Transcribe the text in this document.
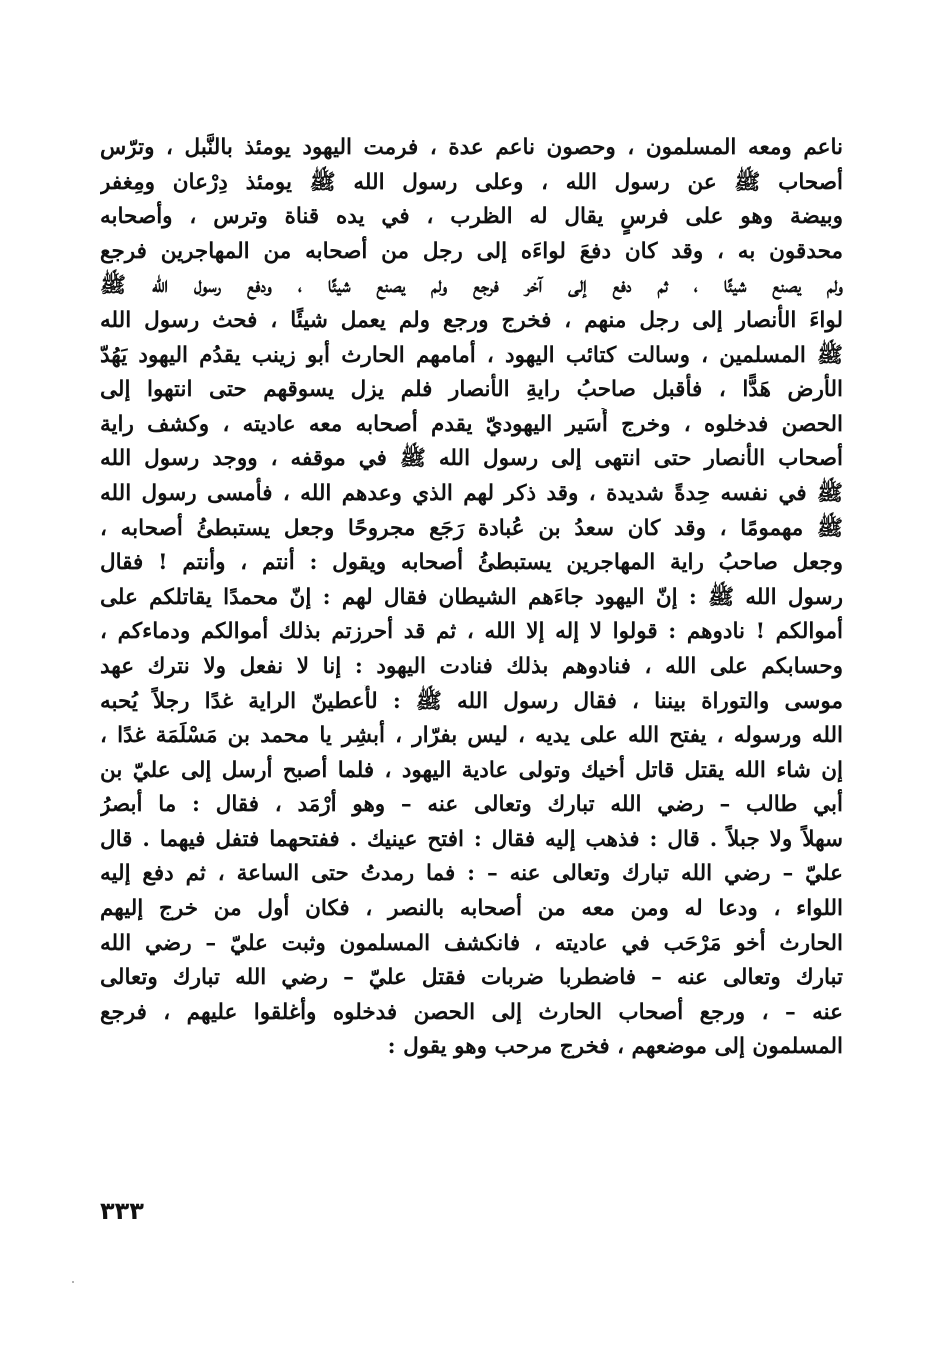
ناعم ومعه المسلمون ، وحصون ناعم عدة ، فرمت اليهود يومئذ بالنَّبل ، وترّس
أصحاب ﷺ عن رسول الله ، وعلى رسول الله ﷺ يومئذ دِرْعان ومِغفر
وبيضة وهو على فرسٍ يقال له الظرب ، في يده قناة وترس ، وأصحابه
محدقون به ، وقد كان دفعَ لواءَه إلى رجل من أصحابه من المهاجرين فرجع
ولم يصنع شيئًا ، ثم دفع إلى آخر فرجع ولم يصنع شيئًا ، ودفع رسول الله ﷺ
لواءَ الأنصار إلى رجل منهم ، فخرج ورجع ولم يعمل شيئًا ، فحث رسول الله
ﷺ المسلمين ، وسالت كتائب اليهود ، أمامهم الحارث أبو زينب يقدُم اليهود يَهُدّ
الأرض هَدًّا ، فأقبل صاحبُ رايةِ الأنصار فلم يزل يسوقهم حتى انتهوا إلى
الحصن فدخلوه ، وخرج أُسَير اليهوديّ يقدم أصحابه معه عاديته ، وكشف راية
أصحاب الأنصار حتى انتهى إلى رسول الله ﷺ في موقفه ، ووجد رسول الله
ﷺ في نفسه حِدةً شديدة ، وقد ذكر لهم الذي وعدهم الله ، فأمسى رسول الله
ﷺ مهمومًا ، وقد كان سعدُ بن عُبادة رَجَع مجروحًا وجعل يستبطئُ أصحابه ،
وجعل صاحبُ راية المهاجرين يستبطئُ أصحابه ويقول : أنتم ، وأنتم ! فقال
رسول الله ﷺ : إنّ اليهود جاءَهم الشيطان فقال لهم : إنّ محمدًا يقاتلكم على
أموالكم ! نادوهم : قولوا لا إله إلا الله ، ثم قد أحرزتم بذلك أموالكم ودماءكم ،
وحسابكم على الله ، فنادوهم بذلك فنادت اليهود : إنا لا نفعل ولا نترك عهد
موسى والتوراة بيننا ، فقال رسول الله ﷺ : لأُعطينّ الراية غدًا رجلاً يُحبه
الله ورسوله ، يفتح الله على يديه ، ليس بفرّار ، أبشِر يا محمد بن مَسْلَمَة غدًا ،
إن شاء الله يقتل قاتل أخيك وتولى عادية اليهود ، فلما أصبح أرسل إلى عليّ بن
أبي طالب – رضي الله تبارك وتعالى عنه – وهو أرْمَد ، فقال : ما أبصرُ
سهلاً ولا جبلاً . قال : فذهب إليه فقال : افتح عينيك . ففتحهما فتفل فيهما . قال
عليّ – رضي الله تبارك وتعالى عنه – : فما رمدتُ حتى الساعة ، ثم دفع إليه
اللواء ، ودعا له ومن معه من أصحابه بالنصر ، فكان أول من خرج إليهم
الحارث أخو مَرْحَب في عاديته ، فانكشف المسلمون وثبت عليّ – رضي الله
تبارك وتعالى عنه – فاضطربا ضربات فقتل عليّ – رضي الله تبارك وتعالى
عنه – ، ورجع أصحاب الحارث إلى الحصن فدخلوه وأغلقوا عليهم ، فرجع
المسلمون إلى موضعهم ، فخرج مرحب وهو يقول :
٣٣٣
